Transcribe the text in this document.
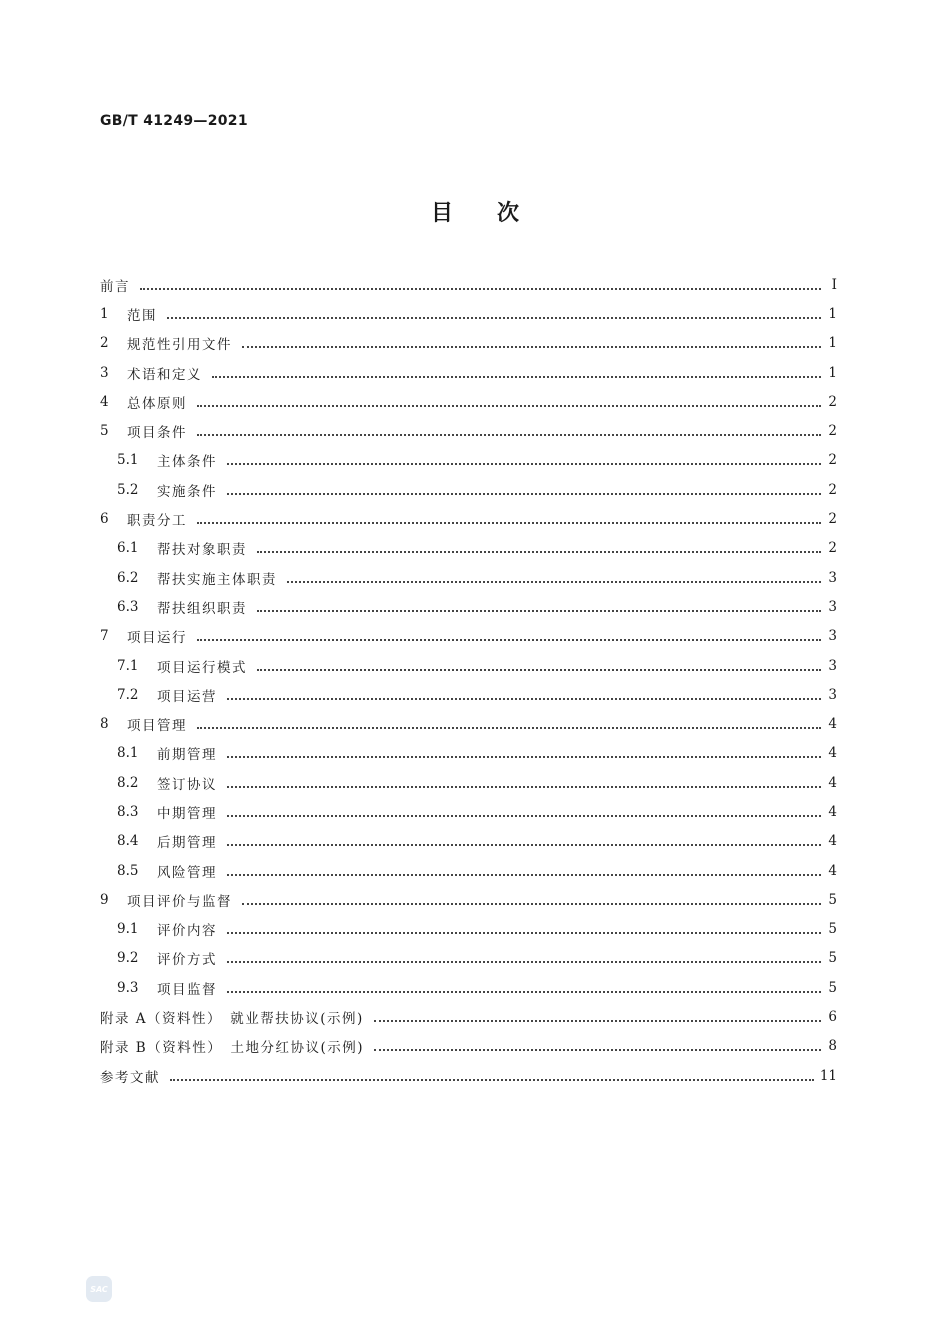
GB/T 41249—2021
目次
前言	Ⅰ
1	范围	1
2	规范性引用文件	1
3	术语和定义	1
4	总体原则	2
5	项目条件	2
5.1	主体条件	2
5.2	实施条件	2
6	职责分工	2
6.1	帮扶对象职责	2
6.2	帮扶实施主体职责	3
6.3	帮扶组织职责	3
7	项目运行	3
7.1	项目运行模式	3
7.2	项目运营	3
8	项目管理	4
8.1	前期管理	4
8.2	签订协议	4
8.3	中期管理	4
8.4	后期管理	4
8.5	风险管理	4
9	项目评价与监督	5
9.1	评价内容	5
9.2	评价方式	5
9.3	项目监督	5
附录 A（资料性）　就业帮扶协议(示例)	6
附录 B（资料性）　土地分红协议(示例)	8
参考文献	11
SAC
